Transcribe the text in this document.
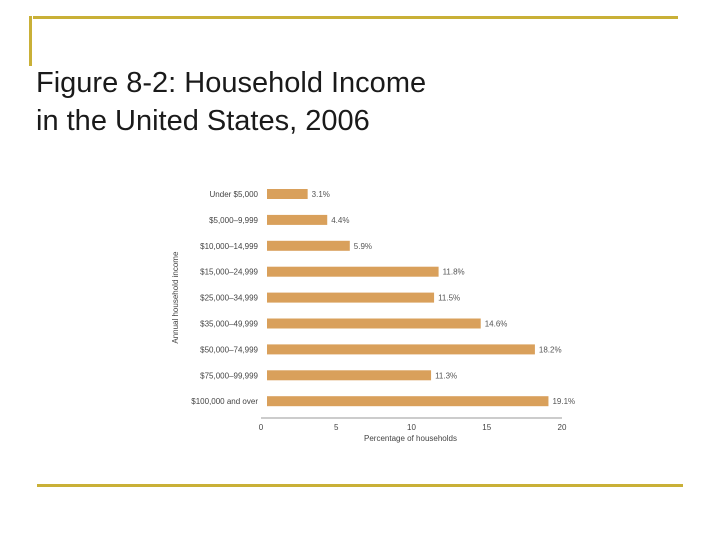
Figure 8-2: Household Income
in the United States, 2006
Under $5,000	3.1%
$5,000–9,999	4.4%
$10,000–14,999	5.9%
$15,000–24,999	11.8%
$25,000–34,999	11.5%
$35,000–49,999	14.6%
$50,000–74,999	18.2%
$75,000–99,999	11.3%
$100,000 and over	19.1%
0	5	10	15	20
Percentage of households
Annual household income
